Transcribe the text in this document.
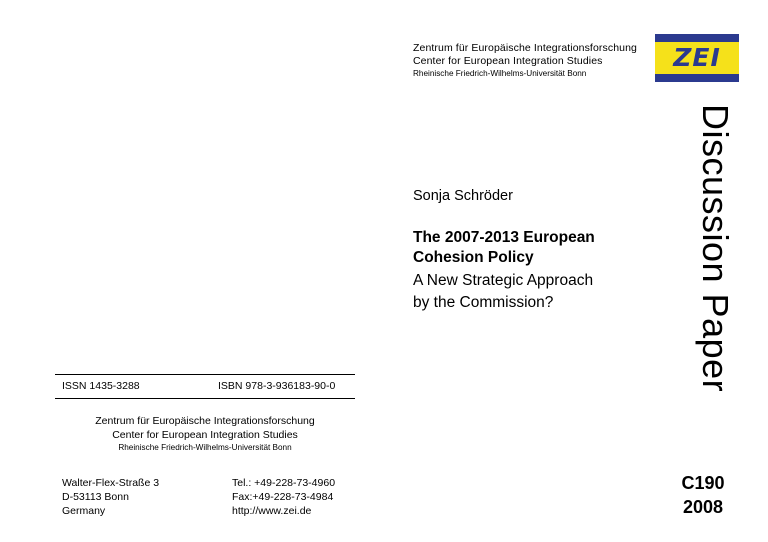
Zentrum für Europäische Integrationsforschung
Center for European Integration Studies
Rheinische Friedrich-Wilhelms-Universität Bonn
ZEI
Discussion Paper
Sonja Schröder
The 2007-2013 European
Cohesion Policy
A New Strategic Approach
by the Commission?
ISSN 1435-3288	ISBN 978-3-936183-90-0
Zentrum für Europäische Integrationsforschung
Center for European Integration Studies
Rheinische Friedrich-Wilhelms-Universität Bonn
Walter-Flex-Straße 3
D-53113 Bonn
Germany
Tel.: +49-228-73-4960
Fax:+49-228-73-4984
http://www.zei.de
C190
2008
